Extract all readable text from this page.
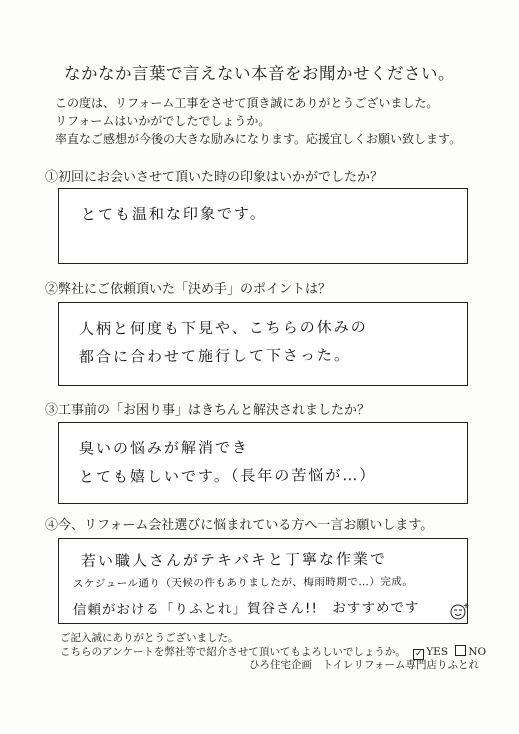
なかなか言葉で言えない本音をお聞かせください。
この度は、リフォーム工事をさせて頂き誠にありがとうございました。
リフォームはいかがでしたでしょうか。
率直なご感想が今後の大きな励みになります。応援宜しくお願い致します。
①初回にお会いさせて頂いた時の印象はいかがでしたか？
とても温和な印象です。
②弊社にご依頼頂いた「決め手」のポイントは？
人柄と何度も下見や、こちらの休みの
都合に合わせて施行して下さった。
③工事前の「お困り事」はきちんと解決されましたか？
臭いの悩みが解消でき
とても嬉しいです。（長年の苦悩が…）
④今、リフォーム会社選びに悩まれている方へ一言お願いします。
若い職人さんがテキパキと丁寧な作業で
スケジュール通り（天候の件もありましたが、梅雨時期で…）完成。
信頼がおける「りふとれ」賀谷さん!!　おすすめです
ご記入誠にありがとうございました。
こちらのアンケートを弊社等で紹介させて頂いてもよろしいでしょうか。 ✓ YES NO
ひろ住宅企画　トイレリフォーム専門店りふとれ
